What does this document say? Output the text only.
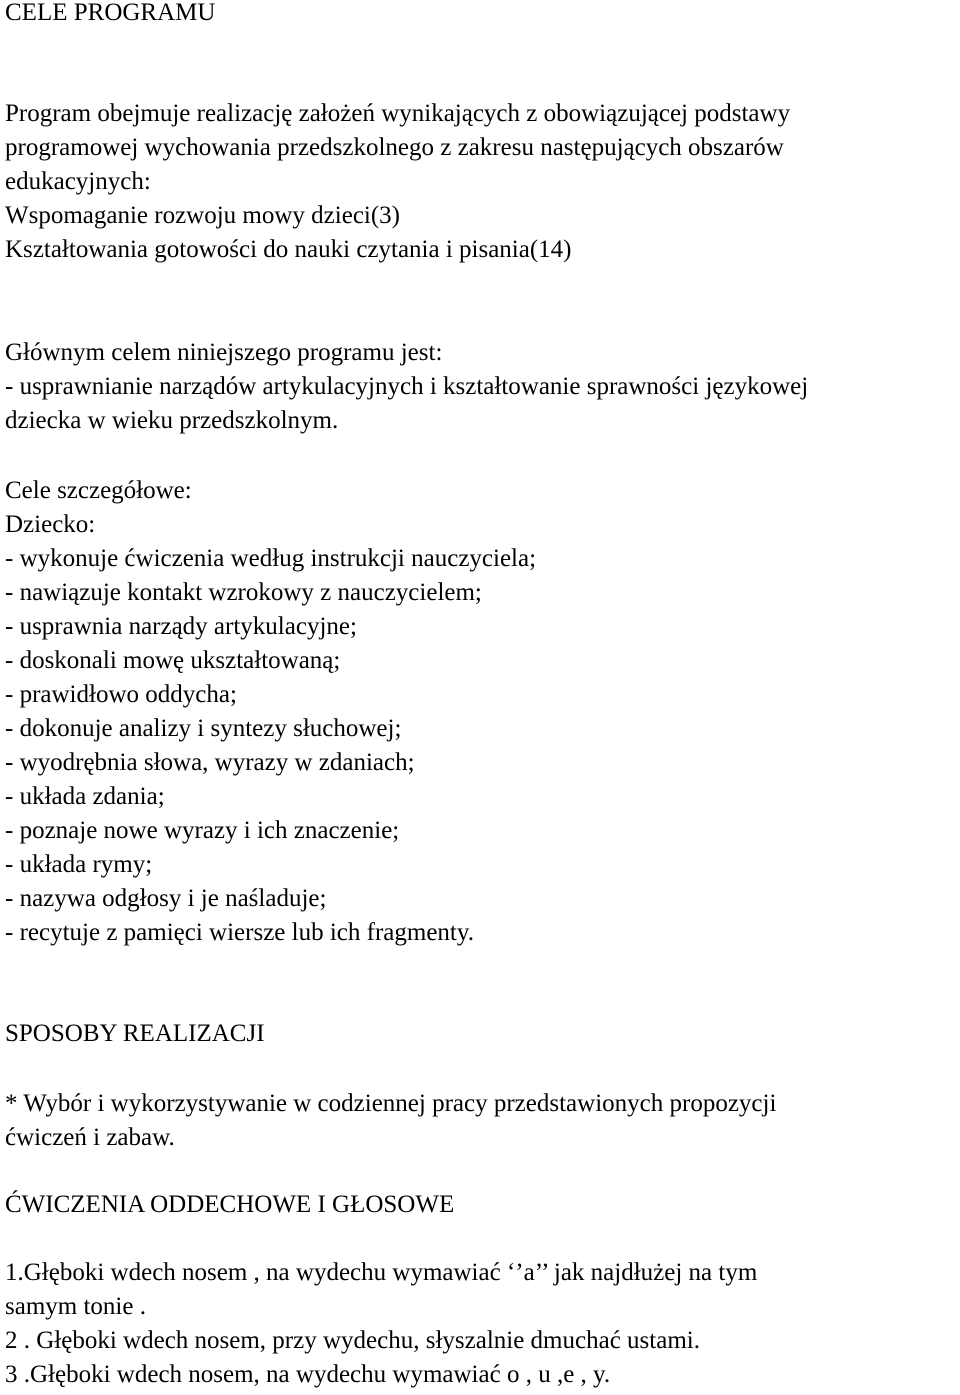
CELE PROGRAMU
Program obejmuje realizację założeń wynikających z obowiązującej podstawy
programowej wychowania przedszkolnego z zakresu następujących obszarów
edukacyjnych:
Wspomaganie rozwoju mowy dzieci(3)
Kształtowania gotowości do nauki czytania i pisania(14)
Głównym celem niniejszego programu jest:
- usprawnianie narządów artykulacyjnych i kształtowanie sprawności językowej
dziecka w wieku przedszkolnym.
Cele szczegółowe:
Dziecko:
- wykonuje ćwiczenia według instrukcji nauczyciela;
- nawiązuje kontakt wzrokowy z nauczycielem;
- usprawnia narządy artykulacyjne;
- doskonali mowę ukształtowaną;
- prawidłowo oddycha;
- dokonuje analizy i syntezy słuchowej;
- wyodrębnia słowa, wyrazy w zdaniach;
- układa zdania;
- poznaje nowe wyrazy i ich znaczenie;
- układa rymy;
- nazywa odgłosy i je naśladuje;
- recytuje z pamięci wiersze lub ich fragmenty.
SPOSOBY REALIZACJI
* Wybór i wykorzystywanie w codziennej pracy przedstawionych propozycji
ćwiczeń i zabaw.
ĆWICZENIA ODDECHOWE I GŁOSOWE
1.Głęboki wdech nosem , na wydechu wymawiać ‘’a’’ jak najdłużej na tym
samym tonie .
2 . Głęboki wdech nosem, przy wydechu, słyszalnie dmuchać ustami.
3 .Głęboki wdech nosem, na wydechu wymawiać o , u ,e , y.
